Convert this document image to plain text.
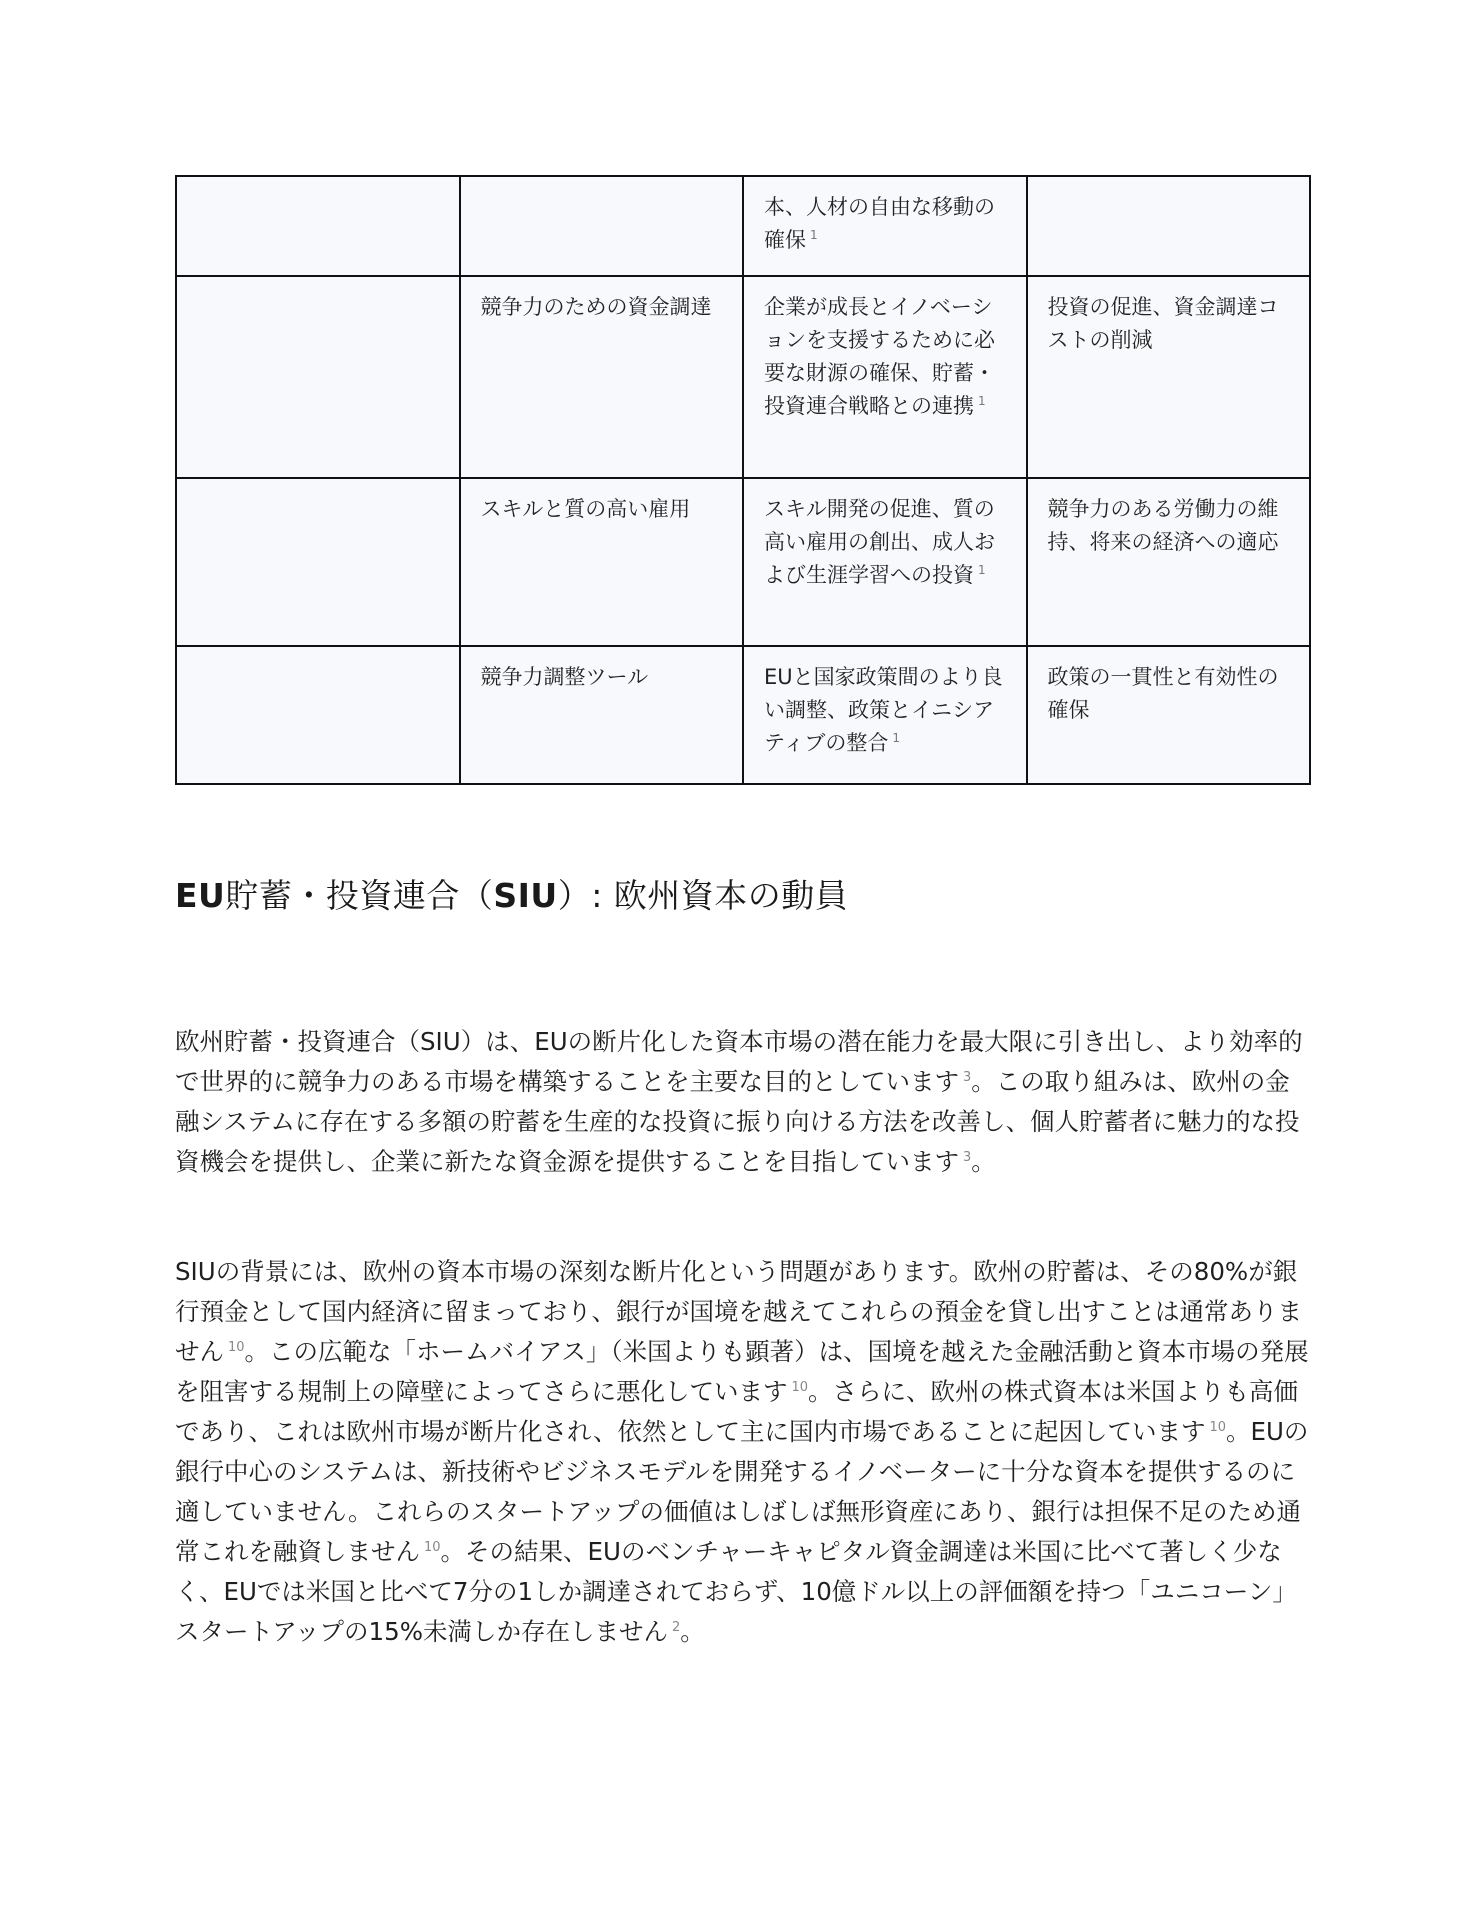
		本、人材の自由な移動の確保 $^1$	
	競争力のための資金調達	企業が成長とイノベーションを支援するために必要な財源の確保、貯蓄・投資連合戦略との連携 $^1$	投資の促進、資金調達コストの削減
	スキルと質の高い雇用	スキル開発の促進、質の高い雇用の創出、成人および生涯学習への投資 $^1$	競争力のある労働力の維持、将来の経済への適応
	競争力調整ツール	EUと国家政策間のより良い調整、政策とイニシアティブの整合 $^1$	政策の一貫性と有効性の確保
EU貯蓄・投資連合（SIU）: 欧州資本の動員

欧州貯蓄・投資連合（SIU）は、EUの断片化した資本市場の潜在能力を最大限に引き出し、より効率的で世界的に競争力のある市場を構築することを主要な目的としています $^3$。この取り組みは、欧州の金融システムに存在する多額の貯蓄を生産的な投資に振り向ける方法を改善し、個人貯蓄者に魅力的な投資機会を提供し、企業に新たな資金源を提供することを目指しています $^3$。

SIUの背景には、欧州の資本市場の深刻な断片化という問題があります。欧州の貯蓄は、その80%が銀行預金として国内経済に留まっており、銀行が国境を越えてこれらの預金を貸し出すことは通常ありません $^{10}$。この広範な「ホームバイアス」（米国よりも顕著）は、国境を越えた金融活動と資本市場の発展を阻害する規制上の障壁によってさらに悪化しています $^{10}$。さらに、欧州の株式資本は米国よりも高価であり、これは欧州市場が断片化され、依然として主に国内市場であることに起因しています $^{10}$。EUの銀行中心のシステムは、新技術やビジネスモデルを開発するイノベーターに十分な資本を提供するのに適していません。これらのスタートアップの価値はしばしば無形資産にあり、銀行は担保不足のため通常これを融資しません $^{10}$。その結果、EUのベンチャーキャピタル資金調達は米国に比べて著しく少なく、EUでは米国と比べて7分の1しか調達されておらず、10億ドル以上の評価額を持つ「ユニコーン」スタートアップの15%未満しか存在しません $^2$。
